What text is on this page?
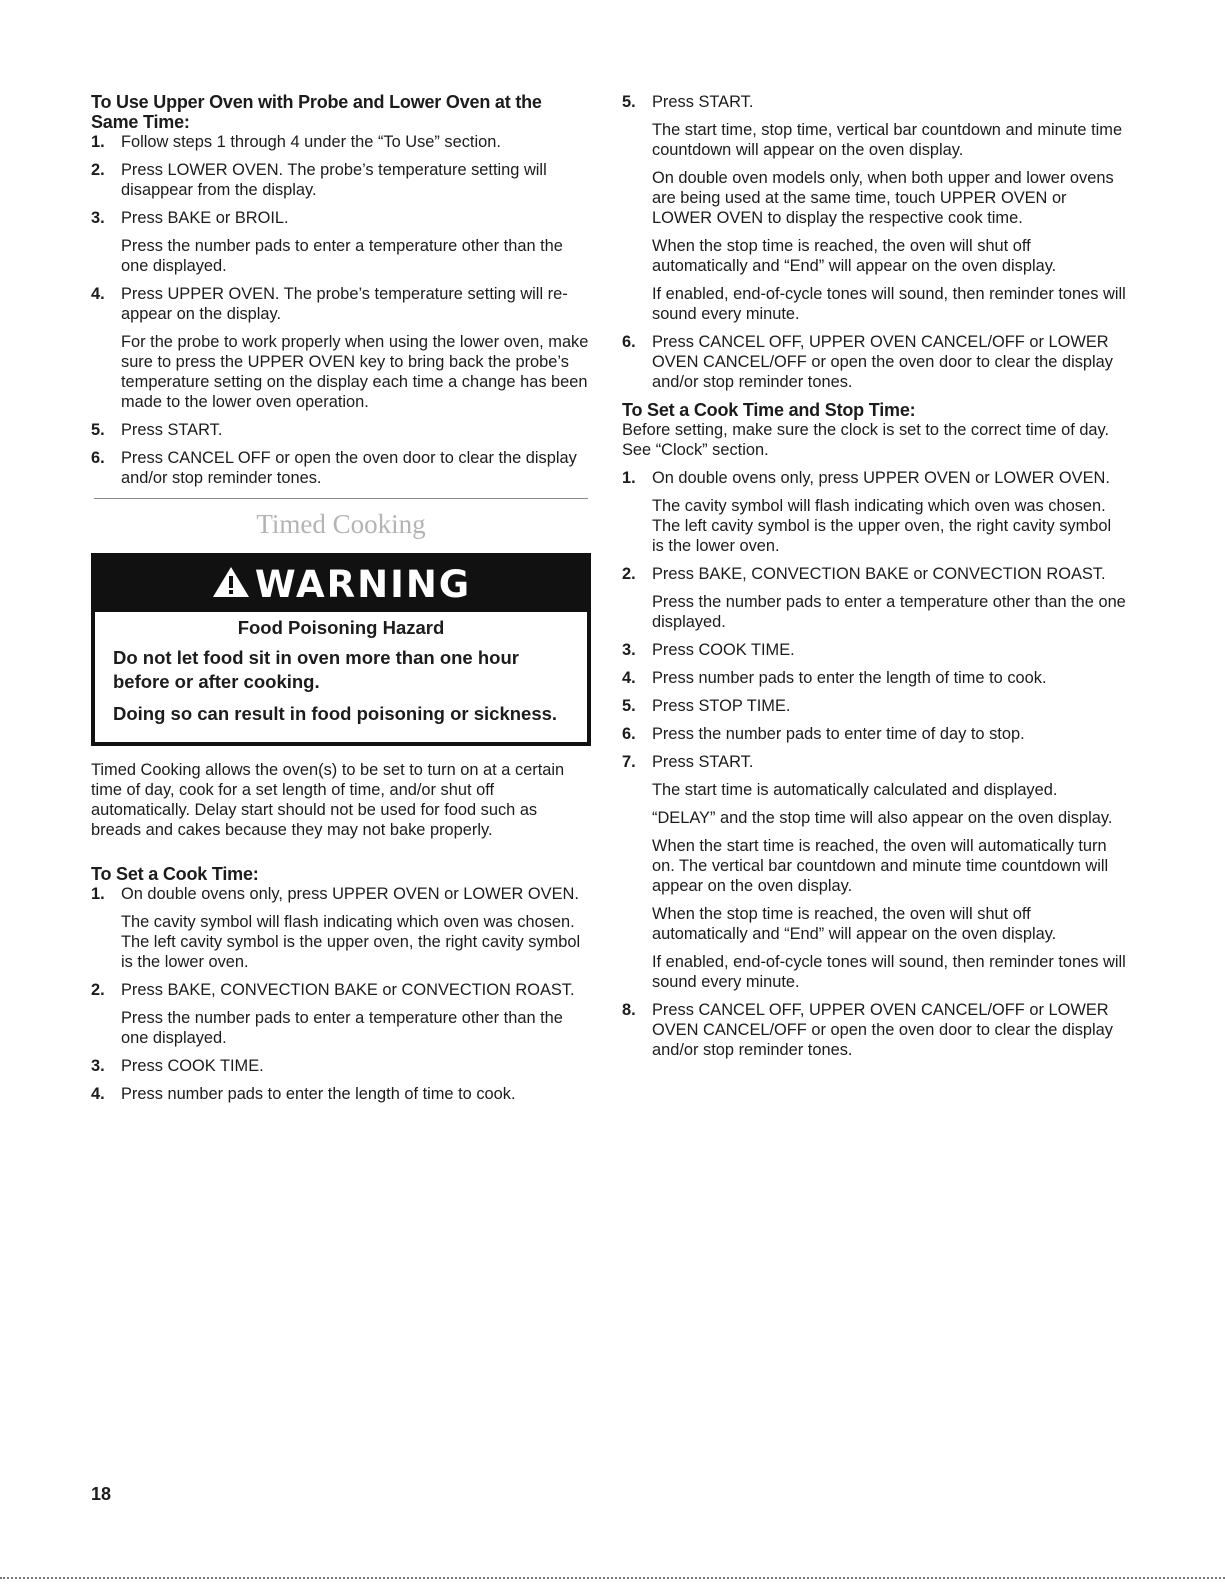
To Use Upper Oven with Probe and Lower Oven at the Same Time:
1. Follow steps 1 through 4 under the “To Use” section.

2. Press LOWER OVEN. The probe’s temperature setting will disappear from the display.

3. Press BAKE or BROIL.

Press the number pads to enter a temperature other than the one displayed.

4. Press UPPER OVEN. The probe’s temperature setting will re-appear on the display.

For the probe to work properly when using the lower oven, make sure to press the UPPER OVEN key to bring back the probe’s temperature setting on the display each time a change has been made to the lower oven operation.

5. Press START.

6. Press CANCEL OFF or open the oven door to clear the display and/or stop reminder tones.

Timed Cooking
WARNING

Food Poisoning Hazard

Do not let food sit in oven more than one hour before or after cooking.

Doing so can result in food poisoning or sickness.

Timed Cooking allows the oven(s) to be set to turn on at a certain time of day, cook for a set length of time, and/or shut off automatically. Delay start should not be used for food such as breads and cakes because they may not bake properly.

To Set a Cook Time:
1. On double ovens only, press UPPER OVEN or LOWER OVEN.

The cavity symbol will flash indicating which oven was chosen. The left cavity symbol is the upper oven, the right cavity symbol is the lower oven.

2. Press BAKE, CONVECTION BAKE or CONVECTION ROAST.

Press the number pads to enter a temperature other than the one displayed.

3. Press COOK TIME.

4. Press number pads to enter the length of time to cook.

5. Press START.

The start time, stop time, vertical bar countdown and minute time countdown will appear on the oven display.

On double oven models only, when both upper and lower ovens are being used at the same time, touch UPPER OVEN or LOWER OVEN to display the respective cook time.

When the stop time is reached, the oven will shut off automatically and “End” will appear on the oven display.

If enabled, end-of-cycle tones will sound, then reminder tones will sound every minute.

6. Press CANCEL OFF, UPPER OVEN CANCEL/OFF or LOWER OVEN CANCEL/OFF or open the oven door to clear the display and/or stop reminder tones.

To Set a Cook Time and Stop Time:

Before setting, make sure the clock is set to the correct time of day. See “Clock” section.

1. On double ovens only, press UPPER OVEN or LOWER OVEN.

The cavity symbol will flash indicating which oven was chosen. The left cavity symbol is the upper oven, the right cavity symbol is the lower oven.

2. Press BAKE, CONVECTION BAKE or CONVECTION ROAST.

Press the number pads to enter a temperature other than the one displayed.

3. Press COOK TIME.

4. Press number pads to enter the length of time to cook.

5. Press STOP TIME.

6. Press the number pads to enter time of day to stop.

7. Press START.

The start time is automatically calculated and displayed.

“DELAY” and the stop time will also appear on the oven display.

When the start time is reached, the oven will automatically turn on. The vertical bar countdown and minute time countdown will appear on the oven display.

When the stop time is reached, the oven will shut off automatically and “End” will appear on the oven display.

If enabled, end-of-cycle tones will sound, then reminder tones will sound every minute.

8. Press CANCEL OFF, UPPER OVEN CANCEL/OFF or LOWER OVEN CANCEL/OFF or open the oven door to clear the display and/or stop reminder tones.

18
